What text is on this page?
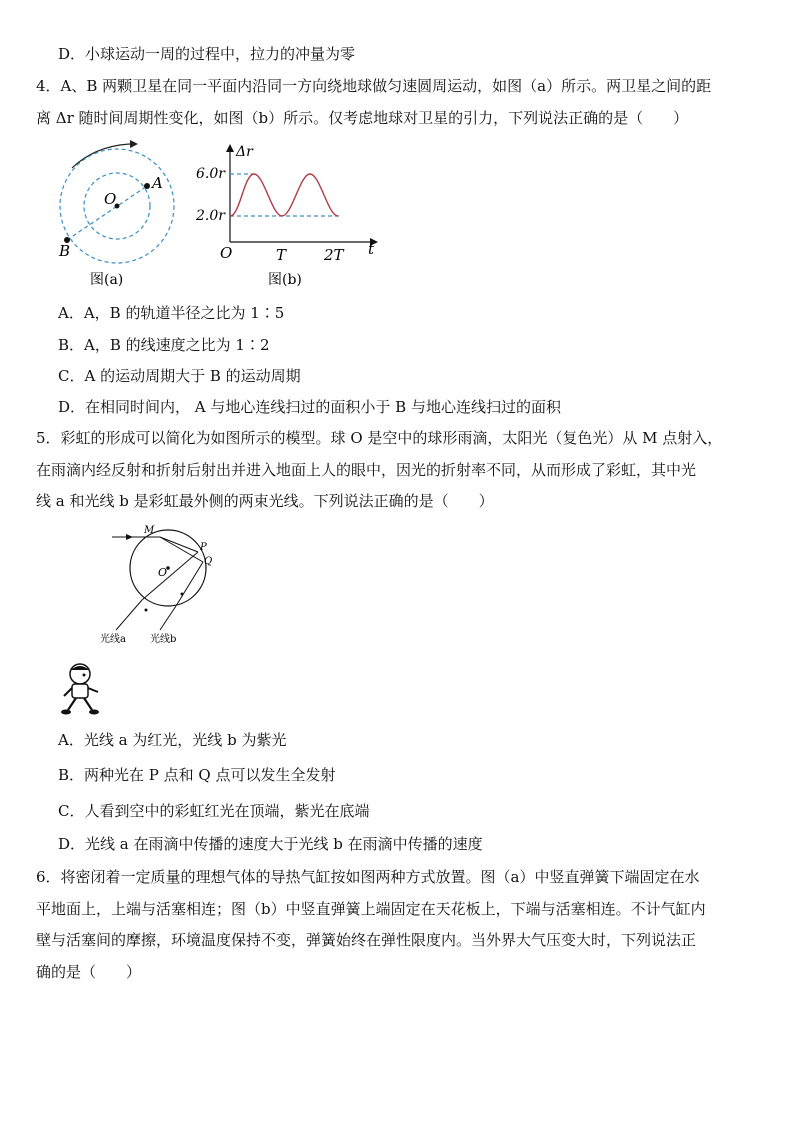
D．小球运动一周的过程中，拉力的冲量为零
4．A、B 两颗卫星在同一平面内沿同一方向绕地球做匀速圆周运动，如图（a）所示。两卫星之间的距
离 Δr 随时间周期性变化，如图（b）所示。仅考虑地球对卫星的引力，下列说法正确的是（　　）
O
A
B
图(a)
t
Δr
O	T	2T
6.0r
2.0r
图(b)
A．A，B 的轨道半径之比为 1∶5
B．A，B 的线速度之比为 1∶2
C．A 的运动周期大于 B 的运动周期
D．在相同时间内， A 与地心连线扫过的面积小于 B 与地心连线扫过的面积
5．彩虹的形成可以简化为如图所示的模型。球 O 是空中的球形雨滴，太阳光（复色光）从 M 点射入，
在雨滴内经反射和折射后射出并进入地面上人的眼中，因光的折射率不同，从而形成了彩虹，其中光
线 a 和光线 b 是彩虹最外侧的两束光线。下列说法正确的是（　　）
M
P
Q
O
光线a 光线b
A．光线 a 为红光，光线 b 为紫光
B．两种光在 P 点和 Q 点可以发生全发射
C．人看到空中的彩虹红光在顶端，紫光在底端
D．光线 a 在雨滴中传播的速度大于光线 b 在雨滴中传播的速度
6．将密闭着一定质量的理想气体的导热气缸按如图两种方式放置。图（a）中竖直弹簧下端固定在水
平地面上，上端与活塞相连；图（b）中竖直弹簧上端固定在天花板上，下端与活塞相连。不计气缸内
壁与活塞间的摩擦，环境温度保持不变，弹簧始终在弹性限度内。当外界大气压变大时，下列说法正
确的是（　　）
